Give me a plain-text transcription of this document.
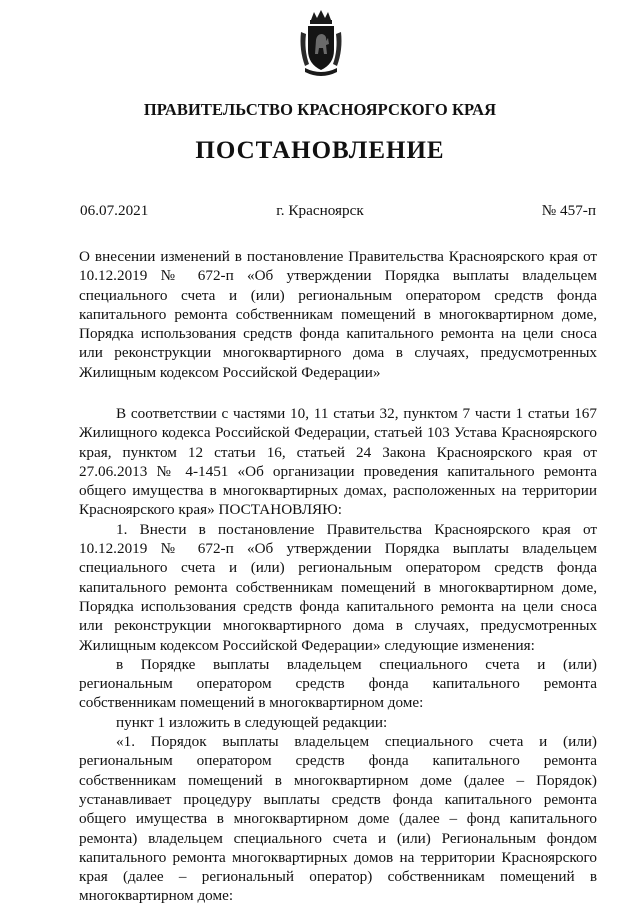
ПРАВИТЕЛЬСТВО КРАСНОЯРСКОГО КРАЯ
ПОСТАНОВЛЕНИЕ
06.07.2021	г. Красноярск	№ 457-п
О внесении изменений в постановление Правительства Красноярского края от 10.12.2019 № 672-п «Об утверждении Порядка выплаты владельцем специального счета и (или) региональным оператором средств фонда капитального ремонта собственникам помещений в многоквартирном доме, Порядка использования средств фонда капитального ремонта на цели сноса или реконструкции многоквартирного дома в случаях, предусмотренных Жилищным кодексом Российской Федерации»

В соответствии с частями 10, 11 статьи 32, пунктом 7 части 1 статьи 167 Жилищного кодекса Российской Федерации, статьей 103 Устава Красноярского края, пунктом 12 статьи 16, статьей 24 Закона Красноярского края от 27.06.2013 № 4-1451 «Об организации проведения капитального ремонта общего имущества в многоквартирных домах, расположенных на территории Красноярского края» ПОСТАНОВЛЯЮ:

1. Внести в постановление Правительства Красноярского края от 10.12.2019 № 672-п «Об утверждении Порядка выплаты владельцем специального счета и (или) региональным оператором средств фонда капитального ремонта собственникам помещений в многоквартирном доме, Порядка использования средств фонда капитального ремонта на цели сноса или реконструкции многоквартирного дома в случаях, предусмотренных Жилищным кодексом Российской Федерации» следующие изменения:

в Порядке выплаты владельцем специального счета и (или) региональным оператором средств фонда капитального ремонта собственникам помещений в многоквартирном доме:

пункт 1 изложить в следующей редакции:

«1. Порядок выплаты владельцем специального счета и (или) региональным оператором средств фонда капитального ремонта собственникам помещений в многоквартирном доме (далее – Порядок) устанавливает процедуру выплаты средств фонда капитального ремонта общего имущества в многоквартирном доме (далее – фонд капитального ремонта) владельцем специального счета и (или) Региональным фондом капитального ремонта многоквартирных домов на территории Красноярского края (далее – региональный оператор) собственникам помещений в многоквартирном доме:
